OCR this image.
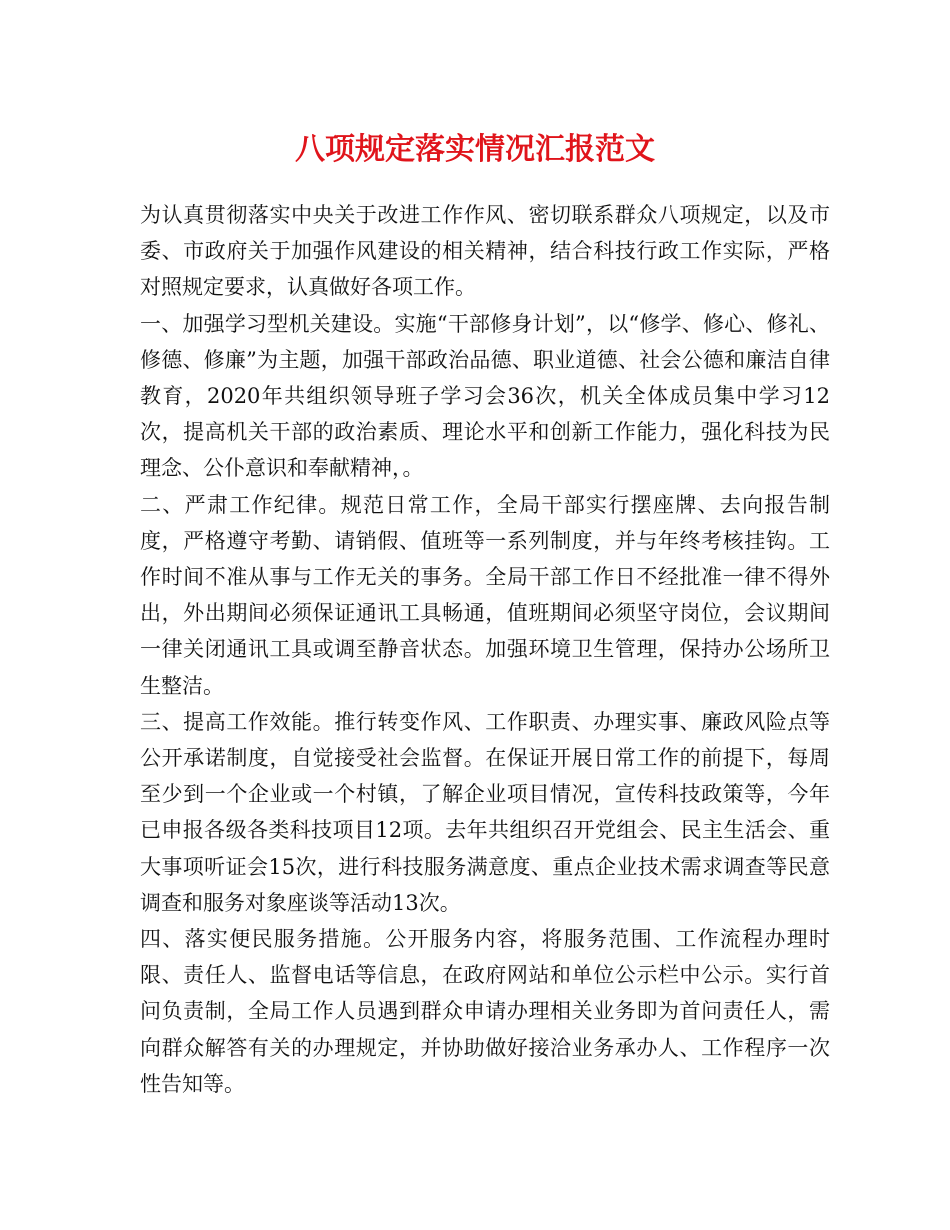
八项规定落实情况汇报范文

为认真贯彻落实中央关于改进工作作风、密切联系群众八项规定，以及市委、市政府关于加强作风建设的相关精神，结合科技行政工作实际，严格对照规定要求，认真做好各项工作。

一、加强学习型机关建设。实施“干部修身计划”，以“修学、修心、修礼、修德、修廉”为主题，加强干部政治品德、职业道德、社会公德和廉洁自律教育，2020年共组织领导班子学习会36次，机关全体成员集中学习12次，提高机关干部的政治素质、理论水平和创新工作能力，强化科技为民理念、公仆意识和奉献精神，。

二、严肃工作纪律。规范日常工作，全局干部实行摆座牌、去向报告制度，严格遵守考勤、请销假、值班等一系列制度，并与年终考核挂钩。工作时间不准从事与工作无关的事务。全局干部工作日不经批准一律不得外出，外出期间必须保证通讯工具畅通，值班期间必须坚守岗位，会议期间一律关闭通讯工具或调至静音状态。加强环境卫生管理，保持办公场所卫生整洁。

三、提高工作效能。推行转变作风、工作职责、办理实事、廉政风险点等公开承诺制度，自觉接受社会监督。在保证开展日常工作的前提下，每周至少到一个企业或一个村镇，了解企业项目情况，宣传科技政策等，今年已申报各级各类科技项目12项。去年共组织召开党组会、民主生活会、重大事项听证会15次，进行科技服务满意度、重点企业技术需求调查等民意调查和服务对象座谈等活动13次。

四、落实便民服务措施。公开服务内容，将服务范围、工作流程办理时限、责任人、监督电话等信息，在政府网站和单位公示栏中公示。实行首问负责制，全局工作人员遇到群众申请办理相关业务即为首问责任人，需向群众解答有关的办理规定，并协助做好接洽业务承办人、工作程序一次性告知等。
